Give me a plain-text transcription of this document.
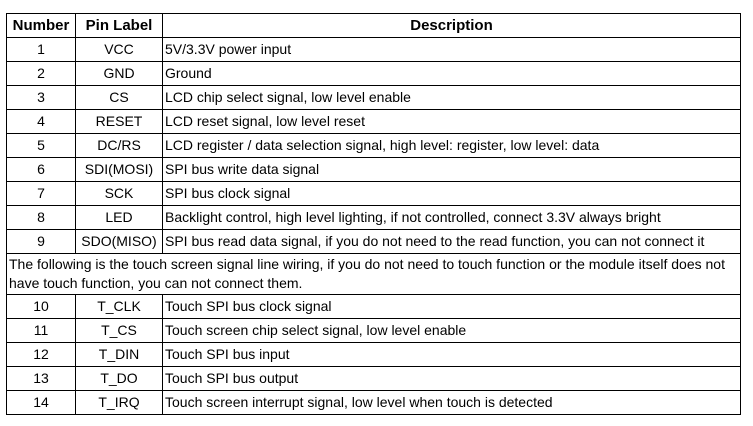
Number	Pin Label	Description
1	VCC	5V/3.3V power input
2	GND	Ground
3	CS	LCD chip select signal, low level enable
4	RESET	LCD reset signal, low level reset
5	DC/RS	LCD register / data selection signal, high level: register, low level: data
6	SDI(MOSI)	SPI bus write data signal
7	SCK	SPI bus clock signal
8	LED	Backlight control, high level lighting, if not controlled, connect 3.3V always bright
9	SDO(MISO)	SPI bus read data signal, if you do not need to the read function, you can not connect it
The following is the touch screen signal line wiring, if you do not need to touch function or the module itself does not have touch function, you can not connect them.		
10	T_CLK	Touch SPI bus clock signal
11	T_CS	Touch screen chip select signal, low level enable
12	T_DIN	Touch SPI bus input
13	T_DO	Touch SPI bus output
14	T_IRQ	Touch screen interrupt signal, low level when touch is detected
